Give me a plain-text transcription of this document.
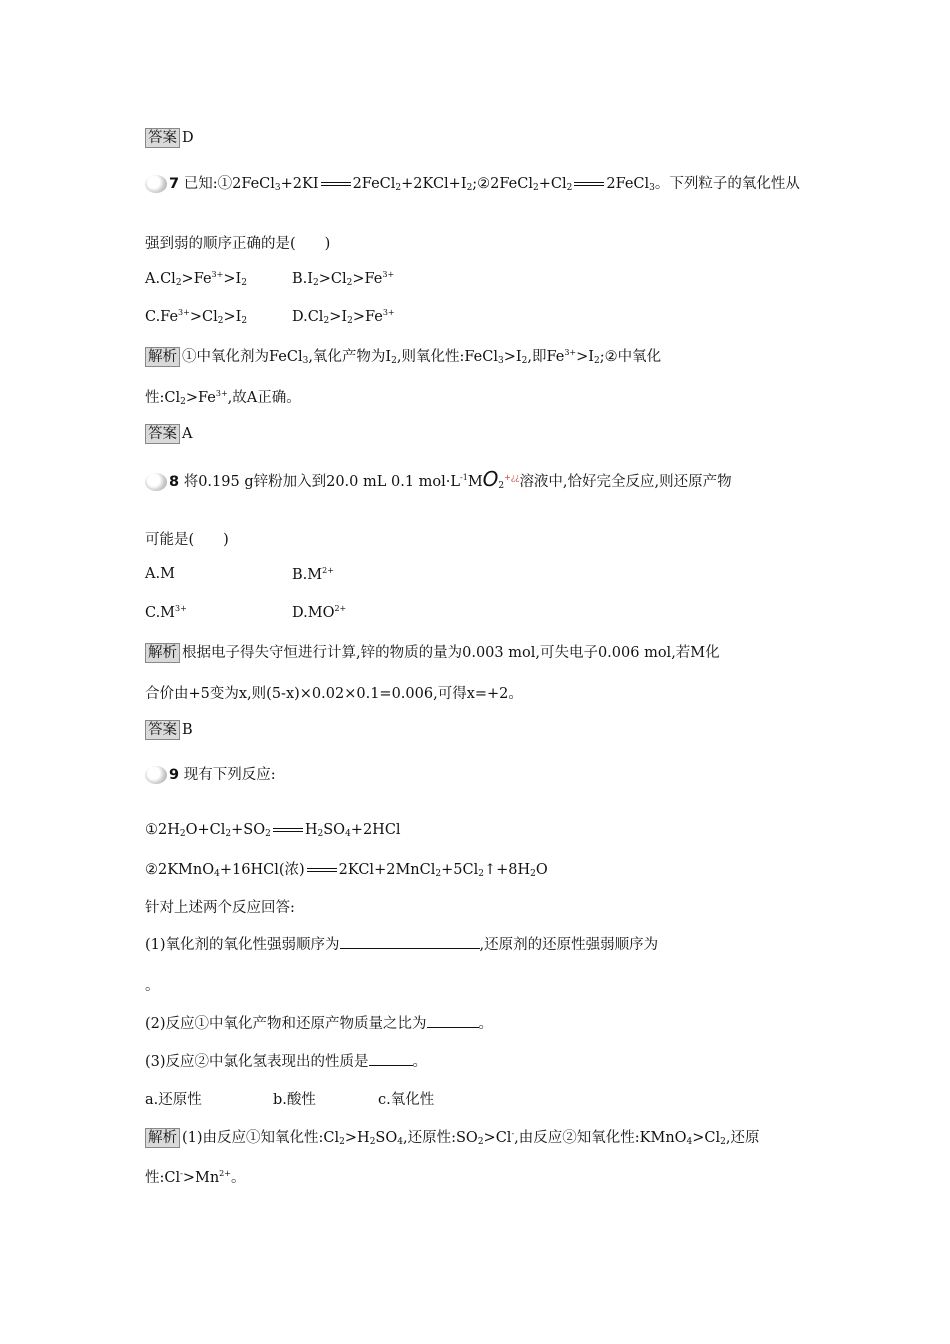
答案 D
7 已知:①2FeCl$_3$+2KI $2FeCl_2+2KCl+I_2;②2FeCl_2+Cl_2$ 2FeCl$_3$。下列粒子的氧化性从
强到弱的顺序正确的是(　　)
$A.Cl_2>Fe^{3+}>I_2$	$B.I_2>Cl_2>Fe^{3+}$
$C.Fe^{3+}>Cl_2>I_2$	$D.Cl_2>I_2>Fe^{3+}$
解析 ①中氧化剂为FeCl$_3$,氧化产物为$I_2$,则氧化性$:FeCl_3>I_2$,即$Fe^{3+}>I_2;②$中氧化
性$:Cl_2>Fe^{3+}$,故A正确。
答案 A
8 将0.195 g锌粉加入到20.0 mL 0.1 $mol\cdot L^{-1}MO_2^{+¿¿}$溶液中,恰好完全反应,则还原产物
可能是(　　)
A.M	$B.M^{2+}$
$C.M^{3+}$	$D.MO^{2+}$
解析 根据电子得失守恒进行计算,锌的物质的量为0.003 mol,可失电子0.006 mol,若M化
合价由+5变为x,则(5-x)×0.02×0.1=0.006,可得x=+2。
答案 B
9 现有下列反应:
$①2H_2O+Cl_2+SO_2$ $H_2SO_4+2HCl$
②2KMnO$_4$+16HCl(浓) $2KCl+2MnCl_2+5Cl_2↑+8H_2O$
针对上述两个反应回答:
(1)氧化剂的氧化性强弱顺序为	,还原剂的还原性强弱顺序为
。
(2)反应①中氧化产物和还原产物质量之比为	。
(3)反应②中氯化氢表现出的性质是	。
a.还原性	b.酸性	c.氧化性
解析 (1)由反应①知氧化性$:Cl_2>H_2SO_4$,还原性$:SO_2>Cl^-$,由反应②知氧化性$:KMnO_4>Cl_2$,还原
性$:Cl^->Mn^{2+}$。
